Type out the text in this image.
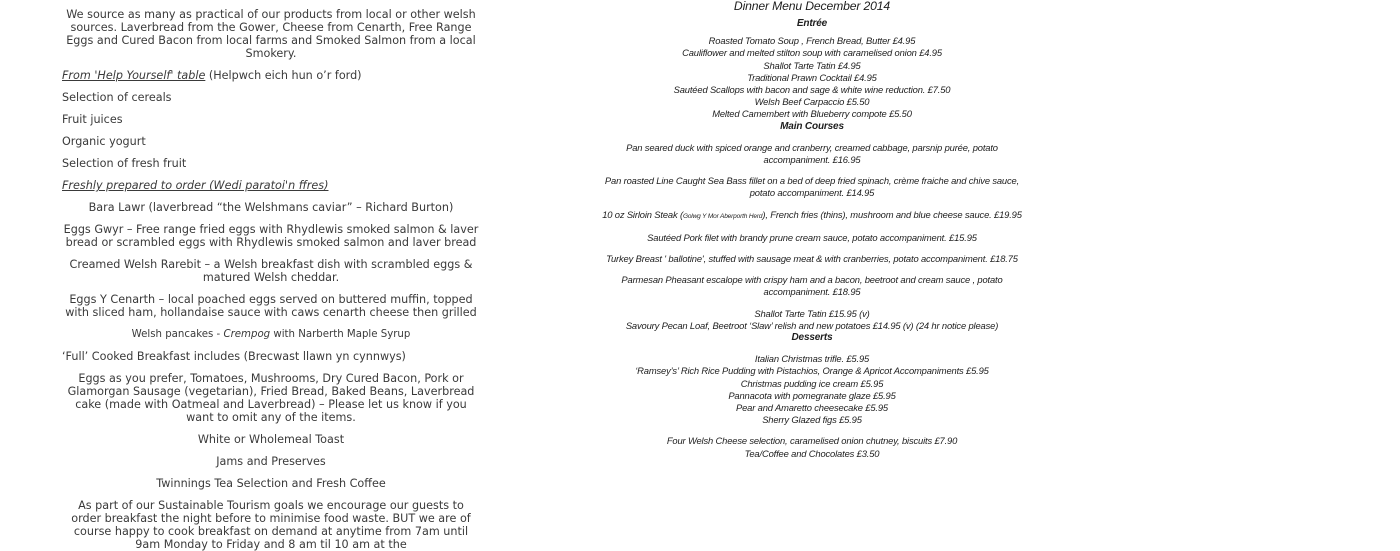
We source as many as practical of our products from local or other welsh sources. Laverbread from the Gower, Cheese from Cenarth, Free Range Eggs and Cured Bacon from local farms and Smoked Salmon from a local Smokery.

From 'Help Yourself' table (Helpwch eich hun o’r ford)

Selection of cereals

Fruit juices

Organic yogurt

Selection of fresh fruit

Freshly prepared to order (Wedi paratoi'n ffres)

Bara Lawr (laverbread “the Welshmans caviar” – Richard Burton)

Eggs Gwyr – Free range fried eggs with Rhydlewis smoked salmon & laver bread or scrambled eggs with Rhydlewis smoked salmon and laver bread

Creamed Welsh Rarebit – a Welsh breakfast dish with scrambled eggs & matured Welsh cheddar.

Eggs Y Cenarth – local poached eggs served on buttered muffin, topped with sliced ham, hollandaise sauce with caws cenarth cheese then grilled

Welsh pancakes - Crempog with Narberth Maple Syrup

‘Full’ Cooked Breakfast includes (Brecwast llawn yn cynnwys)

Eggs as you prefer, Tomatoes, Mushrooms, Dry Cured Bacon, Pork or Glamorgan Sausage (vegetarian), Fried Bread, Baked Beans, Laverbread cake (made with Oatmeal and Laverbread) – Please let us know if you want to omit any of the items.

White or Wholemeal Toast

Jams and Preserves

Twinnings Tea Selection and Fresh Coffee

As part of our Sustainable Tourism goals we encourage our guests to order breakfast the night before to minimise food waste. BUT we are of course happy to cook breakfast on demand at anytime from 7am until 9am Monday to Friday and 8 am til 10 am at the

Dinner Menu December 2014

Entrée

Roasted Tomato Soup , French Bread, Butter £4.95

Cauliflower and melted stilton soup with caramelised onion £4.95

Shallot Tarte Tatin £4.95

Traditional Prawn Cocktail £4.95

Sautéed Scallops with bacon and sage & white wine reduction. £7.50

Welsh Beef Carpaccio £5.50

Melted Camembert with Blueberry compote £5.50

Main Courses

Pan seared duck with spiced orange and cranberry, creamed cabbage, parsnip purée, potato accompaniment. £16.95

Pan roasted Line Caught Sea Bass fillet on a bed of deep fried spinach, crème fraiche and chive sauce, potato accompaniment. £14.95

10 oz Sirloin Steak (Golwg Y Mor Aberporth Herd), French fries (thins), mushroom and blue cheese sauce. £19.95

Sautéed Pork filet with brandy prune cream sauce, potato accompaniment. £15.95

Turkey Breast ' ballotine', stuffed with sausage meat & with cranberries, potato accompaniment. £18.75

Parmesan Pheasant escalope with crispy ham and a bacon, beetroot and cream sauce , potato accompaniment. £18.95

Shallot Tarte Tatin £15.95 (v)

Savoury Pecan Loaf, Beetroot ‘Slaw’ relish and new potatoes £14.95 (v) (24 hr notice please)

Desserts

Italian Christmas trifle. £5.95

‘Ramsey’s’ Rich Rice Pudding with Pistachios, Orange & Apricot Accompaniments £5.95

Christmas pudding ice cream £5.95

Pannacota with pomegranate glaze £5.95

Pear and Amaretto cheesecake £5.95

Sherry Glazed figs £5.95

Four Welsh Cheese selection, caramelised onion chutney, biscuits £7.90

Tea/Coffee and Chocolates £3.50
